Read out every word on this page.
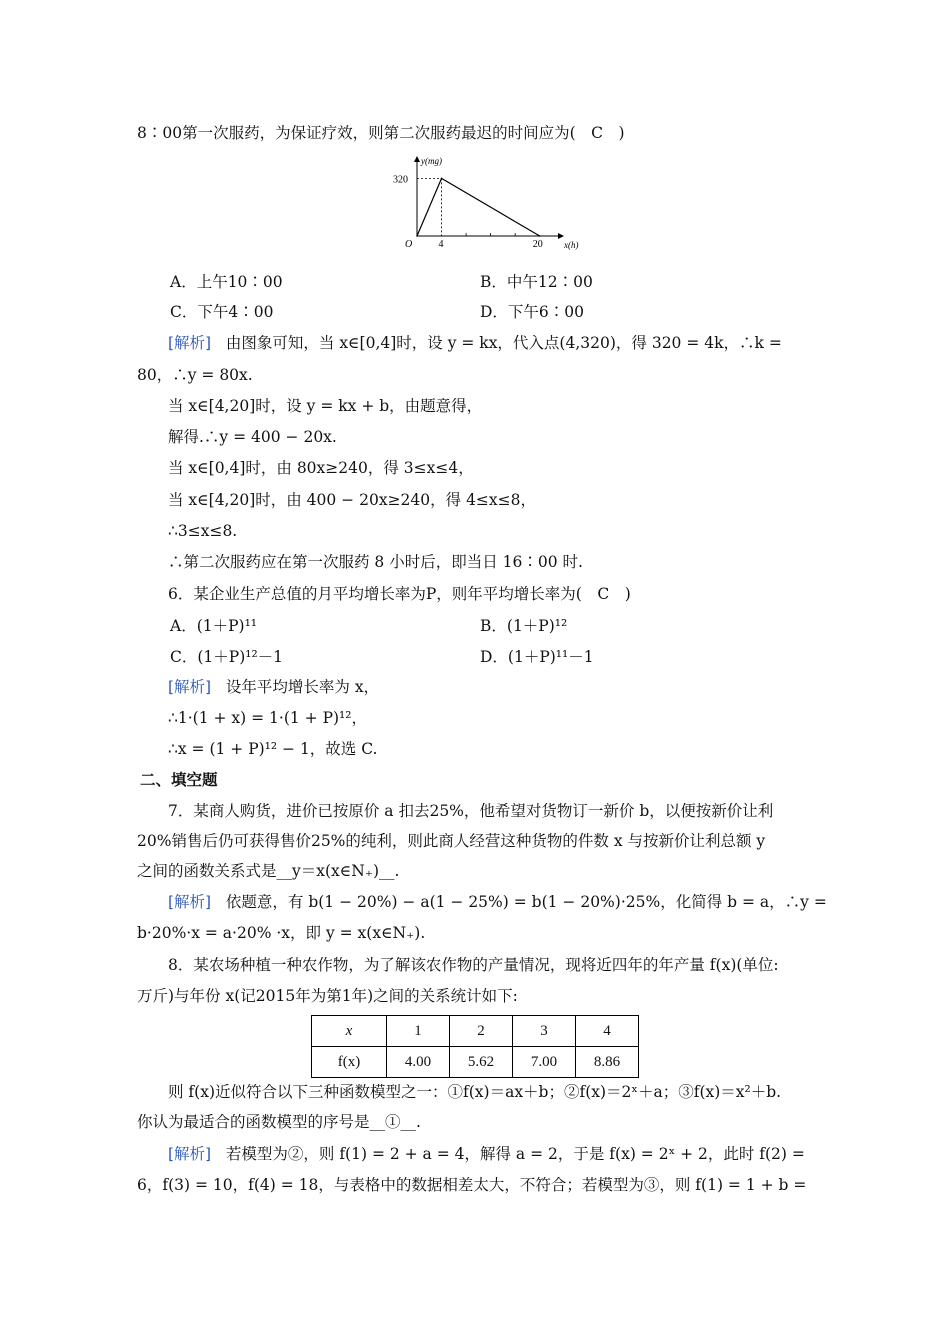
8∶00第一次服药，为保证疗效，则第二次服药最迟的时间应为(　C　)
y(mg)
x(h)
O
320
4	20
A．上午10∶00	B．中午12∶00
C．下午4∶00	D．下午6∶00
[解析] 由图象可知，当 x∈[0,4]时，设 y = kx，代入点(4,320)，得 320 = 4k，∴k =
80，∴y = 80x.
当 x∈[4,20]时，设 y = kx + b，由题意得，
解得.∴y = 400 − 20x.
当 x∈[0,4]时，由 80x≥240，得 3≤x≤4，
当 x∈[4,20]时，由 400 − 20x≥240，得 4≤x≤8，
∴3≤x≤8.
∴第二次服药应在第一次服药 8 小时后，即当日 16∶00 时.
6．某企业生产总值的月平均增长率为P，则年平均增长率为(　C　)
A．(1＋P)¹¹	B．(1＋P)¹²
C．(1＋P)¹²－1	D．(1＋P)¹¹－1
[解析] 设年平均增长率为 x，
∴1·(1 + x) = 1·(1 + P)¹²，
∴x = (1 + P)¹² − 1，故选 C.
二、填空题
7．某商人购货，进价已按原价 a 扣去25%，他希望对货物订一新价 b，以便按新价让利
20%销售后仍可获得售价25%的纯利，则此商人经营这种货物的件数 x 与按新价让利总额 y
之间的函数关系式是__y＝x(x∈N₊)__.
[解析] 依题意，有 b(1 − 20%) − a(1 − 25%) = b(1 − 20%)·25%，化简得 b = a，∴y =
b·20%·x = a·20% ·x，即 y = x(x∈N₊).
8．某农场种植一种农作物，为了解该农作物的产量情况，现将近四年的年产量 f(x)(单位:
万斤)与年份 x(记2015年为第1年)之间的关系统计如下:
x	1	2	3	4
f(x)	4.00	5.62	7.00	8.86
则 f(x)近似符合以下三种函数模型之一：①f(x)＝ax＋b；②f(x)＝2ˣ＋a；③f(x)＝x²＋b.
你认为最适合的函数模型的序号是__①__.
[解析] 若模型为②，则 f(1) = 2 + a = 4，解得 a = 2，于是 f(x) = 2ˣ + 2，此时 f(2) =
6，f(3) = 10，f(4) = 18，与表格中的数据相差太大，不符合；若模型为③，则 f(1) = 1 + b =
